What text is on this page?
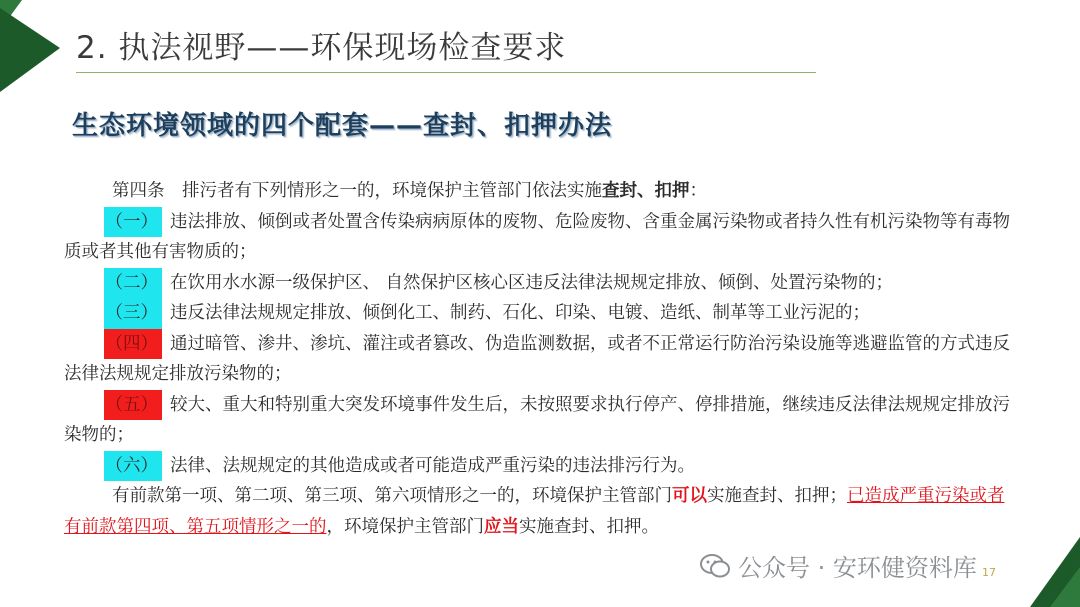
2. 执法视野——环保现场检查要求
生态环境领域的四个配套——查封、扣押办法

第四条　排污者有下列情形之一的，环境保护主管部门依法实施查封、扣押：

（一） 违法排放、倾倒或者处置含传染病病原体的废物、危险废物、含重金属污染物或者持久性有机污染物等有毒物质或者其他有害物质的；

（二） 在饮用水水源一级保护区、 自然保护区核心区违反法律法规规定排放、倾倒、处置污染物的；

（三） 违反法律法规规定排放、倾倒化工、制药、石化、印染、电镀、造纸、制革等工业污泥的；

（四） 通过暗管、渗井、渗坑、灌注或者篡改、伪造监测数据，或者不正常运行防治污染设施等逃避监管的方式违反法律法规规定排放污染物的；

（五） 较大、重大和特别重大突发环境事件发生后，未按照要求执行停产、停排措施，继续违反法律法规规定排放污染物的；

（六） 法律、法规规定的其他造成或者可能造成严重污染的违法排污行为。

有前款第一项、第二项、第三项、第六项情形之一的，环境保护主管部门可以实施查封、扣押；已造成严重污染或者有前款第四项、第五项情形之一的，环境保护主管部门应当实施查封、扣押。

公众号 · 安环健资料库 17
